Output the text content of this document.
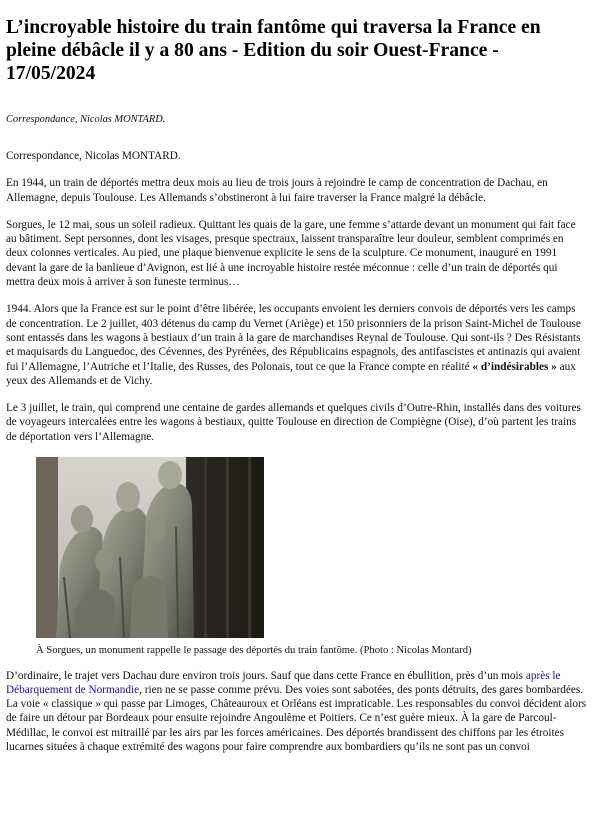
L’incroyable histoire du train fantôme qui traversa la France en pleine débâcle il y a 80 ans - Edition du soir Ouest-France - 17/05/2024
Correspondance, Nicolas MONTARD.

Correspondance, Nicolas MONTARD.

En 1944, un train de déportés mettra deux mois au lieu de trois jours à rejoindre le camp de concentration de Dachau, en Allemagne, depuis Toulouse. Les Allemands s’obstineront à lui faire traverser la France malgré la débâcle.

Sorgues, le 12 mai, sous un soleil radieux. Quittant les quais de la gare, une femme s’attarde devant un monument qui fait face au bâtiment. Sept personnes, dont les visages, presque spectraux, laissent transparaître leur douleur, semblent comprimés en deux colonnes verticales. Au pied, une plaque bienvenue explicite le sens de la sculpture. Ce monument, inauguré en 1991 devant la gare de la banlieue d’Avignon, est lié à une incroyable histoire restée méconnue : celle d’un train de déportés qui mettra deux mois à arriver à son funeste terminus…

1944. Alors que la France est sur le point d’être libérée, les occupants envoient les derniers convois de déportés vers les camps de concentration. Le 2 juillet, 403 détenus du camp du Vernet (Ariège) et 150 prisonniers de la prison Saint-Michel de Toulouse sont entassés dans les wagons à bestiaux d’un train à la gare de marchandises Reynal de Toulouse. Qui sont-ils ? Des Résistants et maquisards du Languedoc, des Cévennes, des Pyrénées, des Républicains espagnols, des antifascistes et antinazis qui avaient fui l’Allemagne, l’Autriche et l’Italie, des Russes, des Polonais, tout ce que la France compte en réalité « d’indésirables » aux yeux des Allemands et de Vichy.

Le 3 juillet, le train, qui comprend une centaine de gardes allemands et quelques civils d’Outre-Rhin, installés dans des voitures de voyageurs intercalées entre les wagons à bestiaux, quitte Toulouse en direction de Compiègne (Oise), d’où partent les trains de déportation vers l’Allemagne.

À Sorgues, un monument rappelle le passage des déportés du train fantôme. (Photo : Nicolas Montard)

D’ordinaire, le trajet vers Dachau dure environ trois jours. Sauf que dans cette France en ébullition, près d’un mois après le Débarquement de Normandie, rien ne se passe comme prévu. Des voies sont sabotées, des ponts détruits, des gares bombardées. La voie « classique » qui passe par Limoges, Châteauroux et Orléans est impraticable. Les responsables du convoi décident alors de faire un détour par Bordeaux pour ensuite rejoindre Angoulême et Poitiers. Ce n’est guère mieux. À la gare de Parcoul-Médillac, le convoi est mitraillé par les airs par les forces américaines. Des déportés brandissent des chiffons par les étroites lucarnes situées à chaque extrémité des wagons pour faire comprendre aux bombardiers qu’ils ne sont pas un convoi
